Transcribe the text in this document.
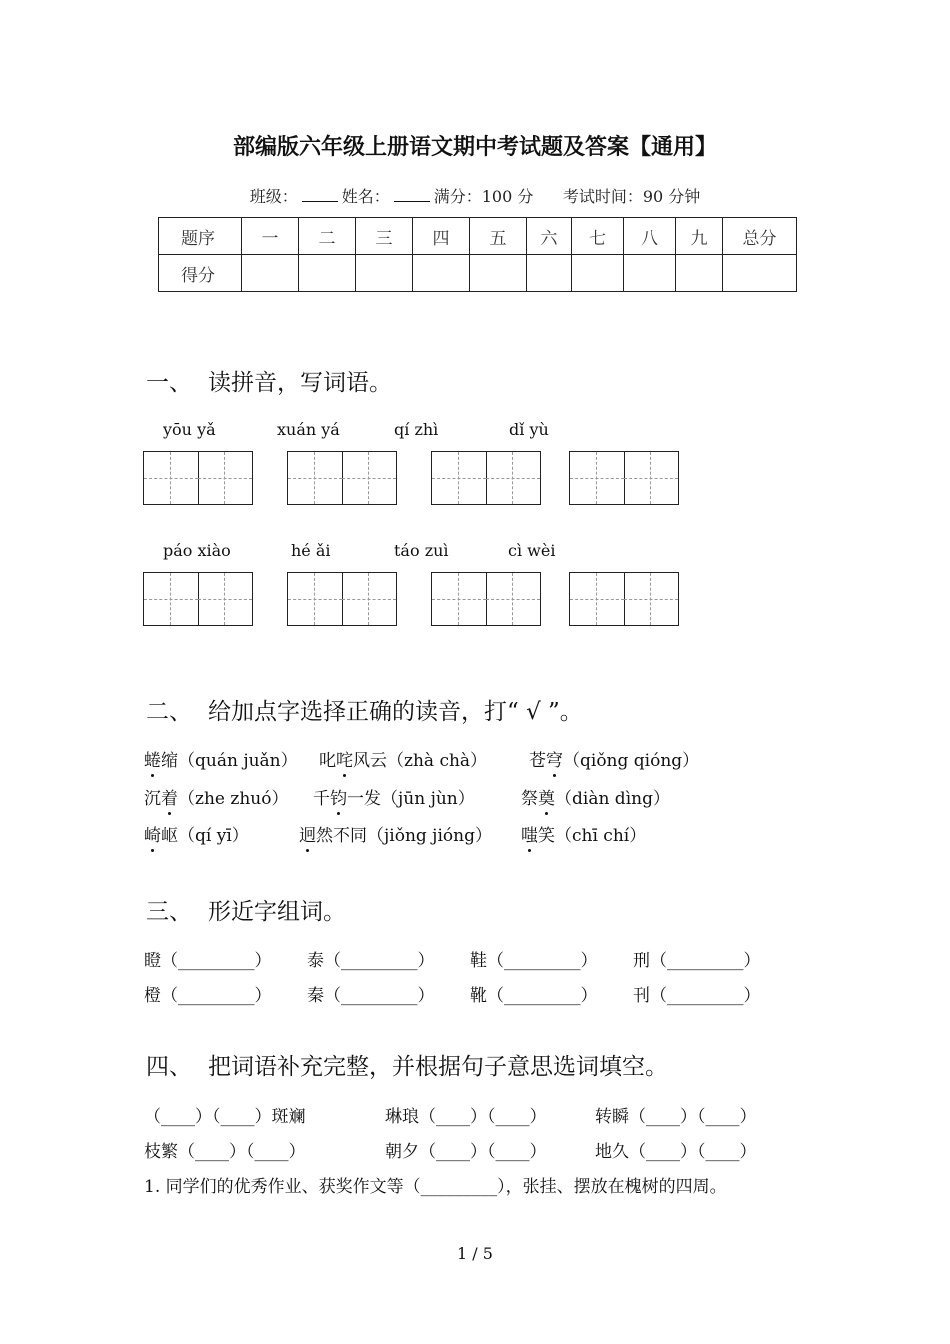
部编版六年级上册语文期中考试题及答案【通用】
班级：	姓名：	满分：100 分 考试时间：90 分钟
题序	一	二	三	四	五	六	七	八	九	总分
得分										
一、 读拼音，写词语。
yōu yǎ	xuán yá	qí zhì	dǐ yù
páo xiào	hé ǎi	táo zuì	cì wèi
二、 给加点字选择正确的读音，打“ √ ”。
蜷缩（quán juǎn） 叱咤风云（zhà chà） 苍穹（qiǒng qióng）
沉着（zhe zhuó） 千钧一发（jūn jùn）	祭奠（diàn dìng）
崎岖（qí yī）	迥然不同（jiǒng jióng） 嗤笑（chī chí）
三、 形近字组词。
瞪（_________） 泰（_________） 鞋（_________） 刑（_________）
橙（_________） 秦（_________） 靴（_________） 刊（_________）
四、 把词语补充完整，并根据句子意思选词填空。
（____）（____）斑斓	琳琅（____）（____）	转瞬（____）（____）
枝繁（____）（____）	朝夕（____）（____）	地久（____）（____）
1. 同学们的优秀作业、获奖作文等（_________），张挂、摆放在槐树的四周。
1 / 5
